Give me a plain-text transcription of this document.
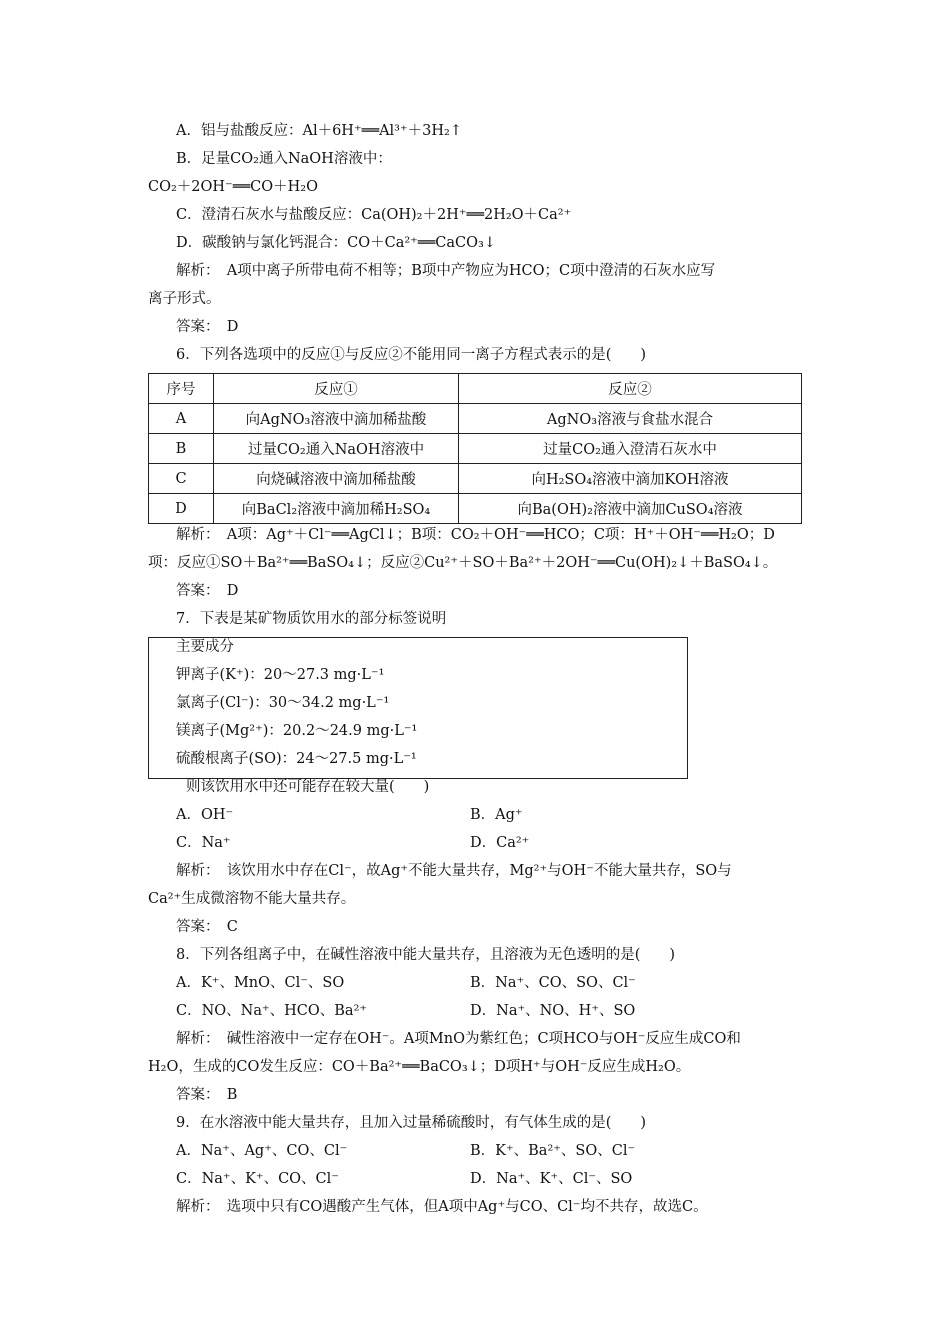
A．铝与盐酸反应：Al＋6H⁺══Al³⁺＋3H₂↑
B．足量CO₂通入NaOH溶液中：
CO₂＋2OH⁻══CO＋H₂O
C．澄清石灰水与盐酸反应：Ca(OH)₂＋2H⁺══2H₂O＋Ca²⁺
D．碳酸钠与氯化钙混合：CO＋Ca²⁺══CaCO₃↓
解析：　A项中离子所带电荷不相等；B项中产物应为HCO；C项中澄清的石灰水应写
离子形式。
答案：　D
6．下列各选项中的反应①与反应②不能用同一离子方程式表示的是(　　)
序号	反应①	反应②
A	向AgNO₃溶液中滴加稀盐酸	AgNO₃溶液与食盐水混合
B	过量CO₂通入NaOH溶液中	过量CO₂通入澄清石灰水中
C	向烧碱溶液中滴加稀盐酸	向H₂SO₄溶液中滴加KOH溶液
D	向BaCl₂溶液中滴加稀H₂SO₄	向Ba(OH)₂溶液中滴加CuSO₄溶液
解析：　A项：Ag⁺＋Cl⁻══AgCl↓；B项：CO₂＋OH⁻══HCO；C项：H⁺＋OH⁻══H₂O；D
项：反应①SO＋Ba²⁺══BaSO₄↓；反应②Cu²⁺＋SO＋Ba²⁺＋2OH⁻══Cu(OH)₂↓＋BaSO₄↓。
答案：　D
7．下表是某矿物质饮用水的部分标签说明
主要成分
钾离子(K⁺)：20～27.3 mg·L⁻¹
氯离子(Cl⁻)：30～34.2 mg·L⁻¹
镁离子(Mg²⁺)：20.2～24.9 mg·L⁻¹
硫酸根离子(SO)：24～27.5 mg·L⁻¹
则该饮用水中还可能存在较大量(　　)
A．OH⁻	B．Ag⁺
C．Na⁺	D．Ca²⁺
解析：　该饮用水中存在Cl⁻，故Ag⁺不能大量共存，Mg²⁺与OH⁻不能大量共存，SO与
Ca²⁺生成微溶物不能大量共存。
答案：　C
8．下列各组离子中，在碱性溶液中能大量共存，且溶液为无色透明的是(　　)
A．K⁺、MnO、Cl⁻、SO	B．Na⁺、CO、SO、Cl⁻
C．NO、Na⁺、HCO、Ba²⁺	D．Na⁺、NO、H⁺、SO
解析：　碱性溶液中一定存在OH⁻。A项MnO为紫红色；C项HCO与OH⁻反应生成CO和
H₂O，生成的CO发生反应：CO＋Ba²⁺══BaCO₃↓；D项H⁺与OH⁻反应生成H₂O。
答案：　B
9．在水溶液中能大量共存，且加入过量稀硫酸时，有气体生成的是(　　)
A．Na⁺、Ag⁺、CO、Cl⁻	B．K⁺、Ba²⁺、SO、Cl⁻
C．Na⁺、K⁺、CO、Cl⁻	D．Na⁺、K⁺、Cl⁻、SO
解析：　选项中只有CO遇酸产生气体，但A项中Ag⁺与CO、Cl⁻均不共存，故选C。
